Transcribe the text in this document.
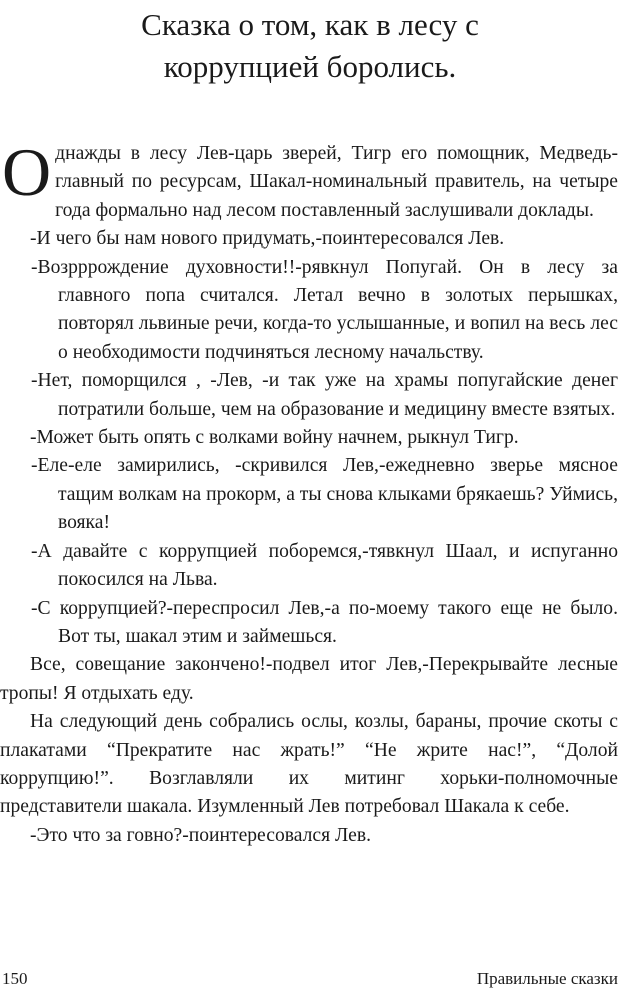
Сказка о том, как в лесу с
коррупцией боролись.

Однажды в лесу Лев-царь зверей, Тигр его помощник, Медведь-главный по ресурсам, Шакал-номинальный правитель, на четыре года формально над лесом поставленный заслушивали доклады.

-И чего бы нам нового придумать,-поинтересовался Лев.

-Возрррождение духовности!!-рявкнул Попугай. Он в лесу за главного попа считался. Летал вечно в золотых перышках, повторял львиные речи, когда-то услышанные, и вопил на весь лес о необходимости подчиняться лесному начальству.

-Нет, поморщился , -Лев, -и так уже на храмы попугайские денег потратили больше, чем на образование и медицину вместе взятых.

-Может быть опять с волками войну начнем, рыкнул Тигр.

-Еле-еле замирились, -скривился Лев,-ежедневно зверье мясное тащим волкам на прокорм, а ты снова клыками брякаешь? Уймись, вояка!

-А давайте с коррупцией поборемся,-тявкнул Шаал, и испуганно покосился на Льва.

-С коррупцией?-переспросил Лев,-а по-моему такого еще не было. Вот ты, шакал этим и займешься.

Все, совещание закончено!-подвел итог Лев,-Перекрывайте лесные тропы! Я отдыхать еду.

На следующий день собрались ослы, козлы, бараны, прочие скоты с плакатами “Прекратите нас жрать!” “Не жрите нас!”, “Долой коррупцию!”. Возглавляли их митинг хорьки-полномочные представители шакала. Изумленный Лев потребовал Шакала к себе.

-Это что за говно?-поинтересовался Лев.

150	Правильные сказки
